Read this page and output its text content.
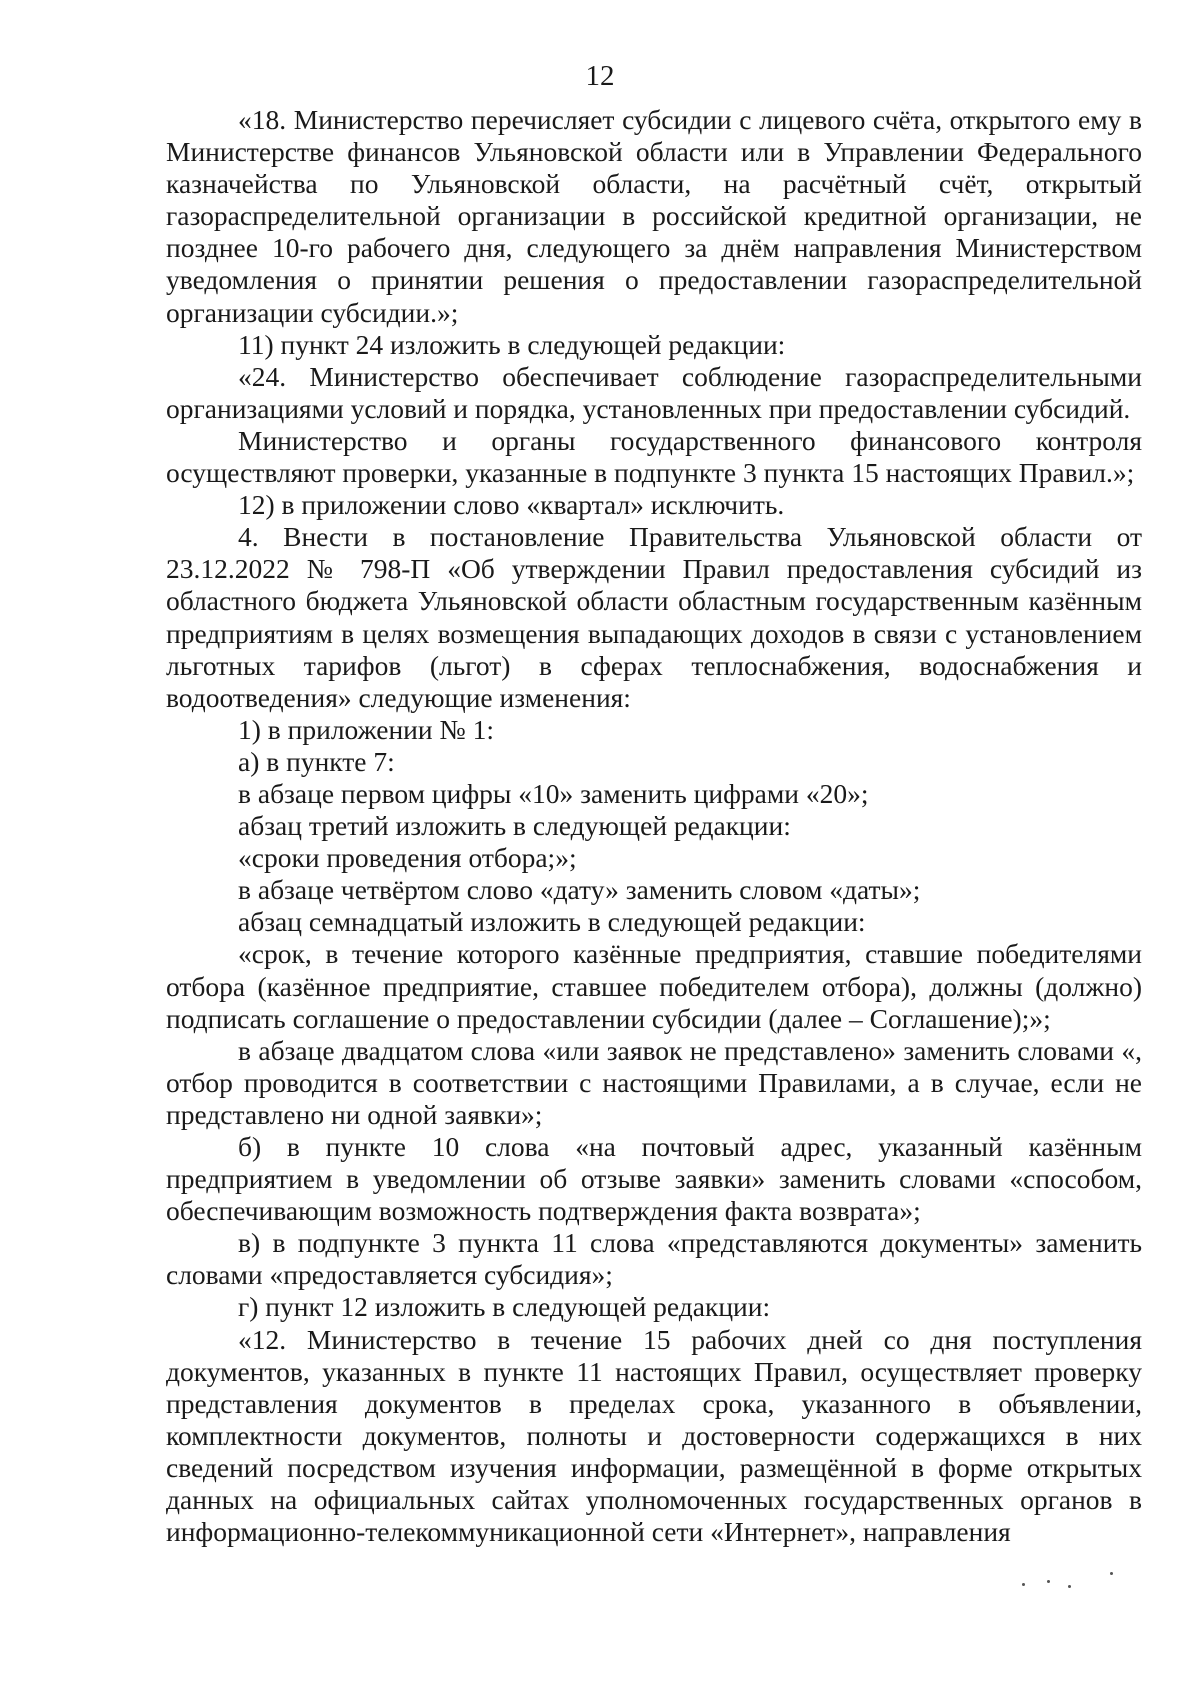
12

«18. Министерство перечисляет субсидии с лицевого счёта, открытого ему в Министерстве финансов Ульяновской области или в Управлении Федерального казначейства по Ульяновской области, на расчётный счёт, открытый газораспределительной организации в российской кредитной организации, не позднее 10-го рабочего дня, следующего за днём направления Министерством уведомления о принятии решения о предоставлении газораспределительной организации субсидии.»;

11) пункт 24 изложить в следующей редакции:

«24. Министерство обеспечивает соблюдение газораспределительными организациями условий и порядка, установленных при предоставлении субсидий.

Министерство и органы государственного финансового контроля осуществляют проверки, указанные в подпункте 3 пункта 15 настоящих Правил.»;

12) в приложении слово «квартал» исключить.

4. Внести в постановление Правительства Ульяновской области от 23.12.2022 № 798-П «Об утверждении Правил предоставления субсидий из областного бюджета Ульяновской области областным государственным казённым предприятиям в целях возмещения выпадающих доходов в связи с установлением льготных тарифов (льгот) в сферах теплоснабжения, водоснабжения и водоотведения» следующие изменения:

1) в приложении № 1:

а) в пункте 7:

в абзаце первом цифры «10» заменить цифрами «20»;

абзац третий изложить в следующей редакции:

«сроки проведения отбора;»;

в абзаце четвёртом слово «дату» заменить словом «даты»;

абзац семнадцатый изложить в следующей редакции:

«срок, в течение которого казённые предприятия, ставшие победителями отбора (казённое предприятие, ставшее победителем отбора), должны (должно) подписать соглашение о предоставлении субсидии (далее – Соглашение);»;

в абзаце двадцатом слова «или заявок не представлено» заменить словами «, отбор проводится в соответствии с настоящими Правилами, а в случае, если не представлено ни одной заявки»;

б) в пункте 10 слова «на почтовый адрес, указанный казённым предприятием в уведомлении об отзыве заявки» заменить словами «способом, обеспечивающим возможность подтверждения факта возврата»;

в) в подпункте 3 пункта 11 слова «представляются документы» заменить словами «предоставляется субсидия»;

г) пункт 12 изложить в следующей редакции:

«12. Министерство в течение 15 рабочих дней со дня поступления документов, указанных в пункте 11 настоящих Правил, осуществляет проверку представления документов в пределах срока, указанного в объявлении, комплектности документов, полноты и достоверности содержащихся в них сведений посредством изучения информации, размещённой в форме открытых данных на официальных сайтах уполномоченных государственных органов в информационно-телекоммуникационной сети «Интернет», направления
